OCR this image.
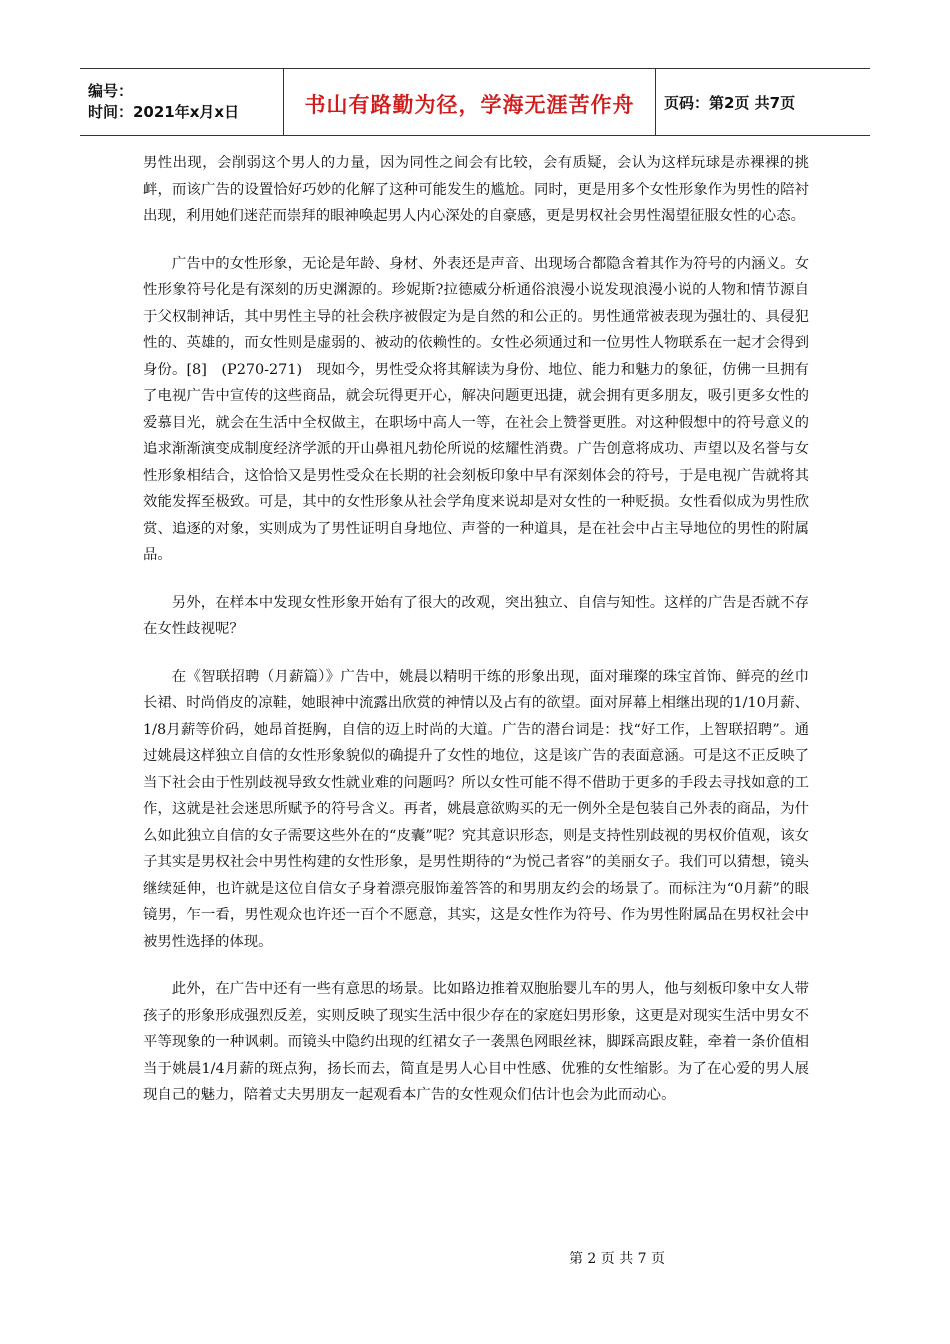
编号：
时间：2021年x月x日	书山有路勤为径，学海无涯苦作舟 页码：第2页 共7页

男性出现，会削弱这个男人的力量，因为同性之间会有比较，会有质疑，会认为这样玩球是赤裸裸的挑衅，而该广告的设置恰好巧妙的化解了这种可能发生的尴尬。同时，更是用多个女性形象作为男性的陪衬出现，利用她们迷茫而崇拜的眼神唤起男人内心深处的自豪感，更是男权社会男性渴望征服女性的心态。

广告中的女性形象，无论是年龄、身材、外表还是声音、出现场合都隐含着其作为符号的内涵义。女性形象符号化是有深刻的历史渊源的。珍妮斯?拉德威分析通俗浪漫小说发现浪漫小说的人物和情节源自于父权制神话，其中男性主导的社会秩序被假定为是自然的和公正的。男性通常被表现为强壮的、具侵犯性的、英雄的，而女性则是虚弱的、被动的依赖性的。女性必须通过和一位男性人物联系在一起才会得到身份。[8]　(P270-271)　现如今，男性受众将其解读为身份、地位、能力和魅力的象征，仿佛一旦拥有了电视广告中宣传的这些商品，就会玩得更开心，解决问题更迅捷，就会拥有更多朋友，吸引更多女性的爱慕目光，就会在生活中全权做主，在职场中高人一等，在社会上赞誉更胜。对这种假想中的符号意义的追求渐渐演变成制度经济学派的开山鼻祖凡勃伦所说的炫耀性消费。广告创意将成功、声望以及名誉与女性形象相结合，这恰恰又是男性受众在长期的社会刻板印象中早有深刻体会的符号，于是电视广告就将其效能发挥至极致。可是，其中的女性形象从社会学角度来说却是对女性的一种贬损。女性看似成为男性欣赏、追逐的对象，实则成为了男性证明自身地位、声誉的一种道具，是在社会中占主导地位的男性的附属品。

另外，在样本中发现女性形象开始有了很大的改观，突出独立、自信与知性。这样的广告是否就不存在女性歧视呢？

在《智联招聘（月薪篇）》广告中，姚晨以精明干练的形象出现，面对璀璨的珠宝首饰、鲜亮的丝巾长裙、时尚俏皮的凉鞋，她眼神中流露出欣赏的神情以及占有的欲望。面对屏幕上相继出现的1/10月薪、1/8月薪等价码，她昂首挺胸，自信的迈上时尚的大道。广告的潜台词是：找“好工作，上智联招聘”。通过姚晨这样独立自信的女性形象貌似的确提升了女性的地位，这是该广告的表面意涵。可是这不正反映了当下社会由于性别歧视导致女性就业难的问题吗？所以女性可能不得不借助于更多的手段去寻找如意的工作，这就是社会迷思所赋予的符号含义。再者，姚晨意欲购买的无一例外全是包装自己外表的商品，为什么如此独立自信的女子需要这些外在的“皮囊”呢？究其意识形态，则是支持性别歧视的男权价值观，该女子其实是男权社会中男性构建的女性形象，是男性期待的“为悦己者容”的美丽女子。我们可以猜想，镜头继续延伸，也许就是这位自信女子身着漂亮服饰羞答答的和男朋友约会的场景了。而标注为“0月薪”的眼镜男，乍一看，男性观众也许还一百个不愿意，其实，这是女性作为符号、作为男性附属品在男权社会中被男性选择的体现。

此外，在广告中还有一些有意思的场景。比如路边推着双胞胎婴儿车的男人，他与刻板印象中女人带孩子的形象形成强烈反差，实则反映了现实生活中很少存在的家庭妇男形象，这更是对现实生活中男女不平等现象的一种讽刺。而镜头中隐约出现的红裙女子一袭黑色网眼丝袜，脚踩高跟皮鞋，牵着一条价值相当于姚晨1/4月薪的斑点狗，扬长而去，简直是男人心目中性感、优雅的女性缩影。为了在心爱的男人展现自己的魅力，陪着丈夫男朋友一起观看本广告的女性观众们估计也会为此而动心。

第 2 页 共 7 页
